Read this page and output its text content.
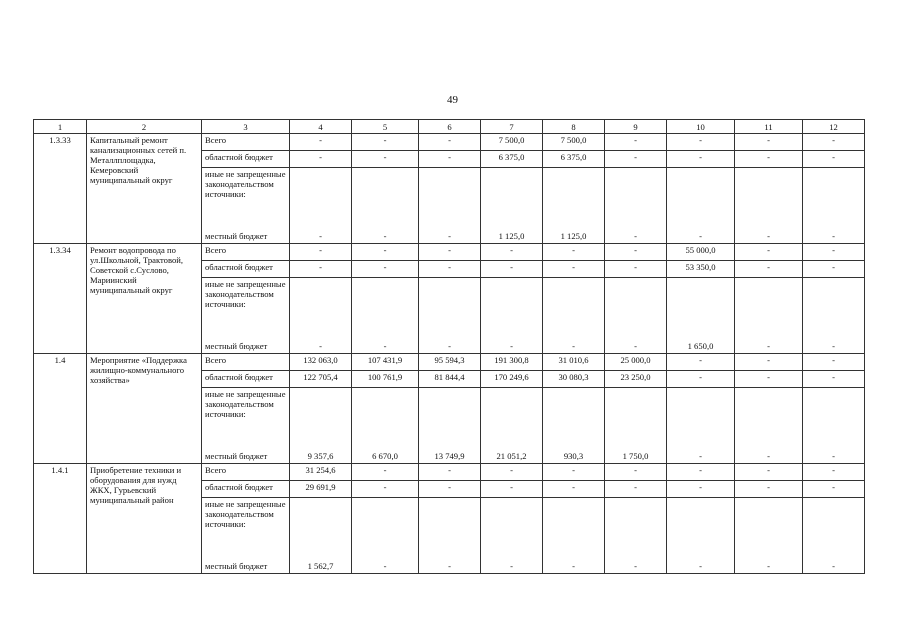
49
1	2	3	4	5	6	7	8	9	10	11	12
1.3.33	Капитальный ремонт канализационных сетей п. Металлплощадка, Кемеровский муниципальный округ	Всего	-	-	-	7 500,0	7 500,0	-	-	-	-
		областной бюджет	-	-	-	6 375,0	6 375,0	-	-	-	-

		иные не запрещенные законодательством источники:
местный бюджет	-	-	-	1 125,0	1 125,0	-	-	-	-
1.3.34	Ремонт водопровода по ул.Школьной, Трактовой, Советской с.Суслово, Мариинский муниципальный округ	Всего	-	-	-	-	-	-	55 000,0	-	-
		областной бюджет	-	-	-	-	-	-	53 350,0	-	-

		иные не запрещенные законодательством источники:
местный бюджет	-	-	-	-	-	-	1 650,0	-	-
1.4	Мероприятие «Поддержка жилищно-коммунального хозяйства»	Всего	132 063,0	107 431,9	95 594,3	191 300,8	31 010,6	25 000,0	-	-	-
		областной бюджет	122 705,4	100 761,9	81 844,4	170 249,6	30 080,3	23 250,0	-	-	-

		иные не запрещенные законодательством источники:
местный бюджет	9 357,6	6 670,0	13 749,9	21 051,2	930,3	1 750,0	-	-	-
1.4.1	Приобретение техники и оборудования для нужд ЖКХ, Гурьевский муниципальный район	Всего	31 254,6	-	-	-	-	-	-	-	-
		областной бюджет	29 691,9	-	-	-	-	-	-	-	-

		иные не запрещенные законодательством источники:
местный бюджет	1 562,7	-	-	-	-	-	-	-	-
